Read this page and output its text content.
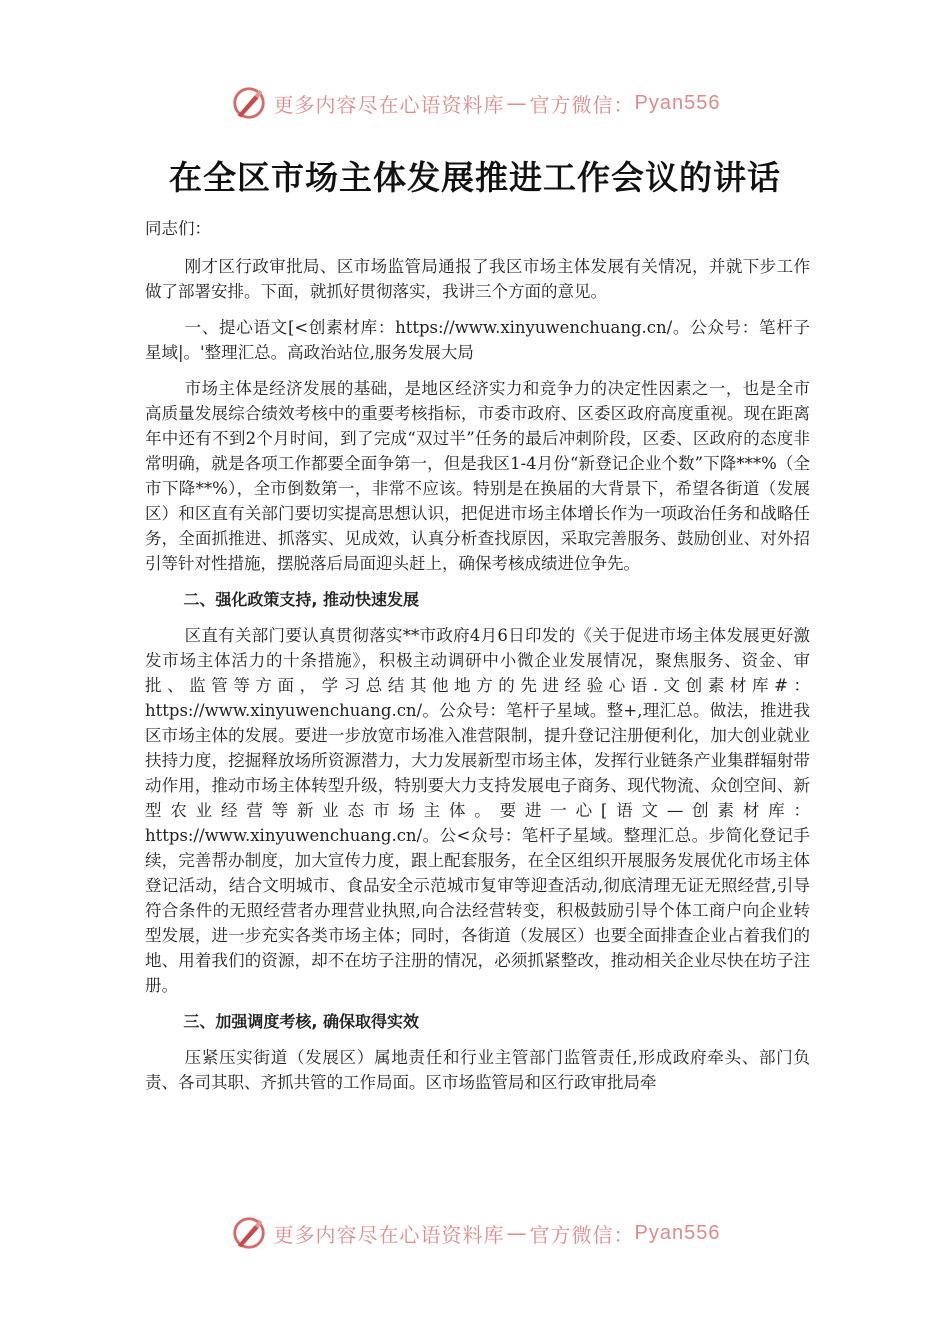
更多内容尽在心语资料库 — 官方微信： Pyan556
在全区市场主体发展推进工作会议的讲话

同志们：

刚才区行政审批局、区市场监管局通报了我区市场主体发展有关情况，并就下步工作做了部署安排。下面，就抓好贯彻落实，我讲三个方面的意见。

一、提心语文[<创素材库：https://www.xinyuwenchuang.cn/。公众号：笔杆子星域|。'整理汇总。高政治站位,服务发展大局

市场主体是经济发展的基础，是地区经济实力和竞争力的决定性因素之一，也是全市高质量发展综合绩效考核中的重要考核指标，市委市政府、区委区政府高度重视。现在距离年中还有不到2个月时间，到了完成“双过半”任务的最后冲刺阶段，区委、区政府的态度非常明确，就是各项工作都要全面争第一，但是我区1-4月份“新登记企业个数”下降***%（全市下降**%），全市倒数第一，非常不应该。特别是在换届的大背景下，希望各街道（发展区）和区直有关部门要切实提高思想认识，把促进市场主体增长作为一项政治任务和战略任务，全面抓推进、抓落实、见成效，认真分析查找原因，采取完善服务、鼓励创业、对外招引等针对性措施，摆脱落后局面迎头赶上，确保考核成绩进位争先。

二、强化政策支持, 推动快速发展

区直有关部门要认真贯彻落实**市政府4月6日印发的《关于促进市场主体发展更好激发市场主体活力的十条措施》，积极主动调研中小微企业发展情况，聚焦服务、资金、审批、监管等方面，学习总结其他地方的先进经验心语.文创素材库#：https://www.xinyuwenchuang.cn/。公众号：笔杆子星域。整+,理汇总。做法，推进我区市场主体的发展。要进一步放宽市场准入准营限制，提升登记注册便利化，加大创业就业扶持力度，挖掘释放场所资源潜力，大力发展新型市场主体，发挥行业链条产业集群辐射带动作用，推动市场主体转型升级，特别要大力支持发展电子商务、现代物流、众创空间、新型农业经营等新业态市场主体。要进一心[语文—创素材库：https://www.xinyuwenchuang.cn/。公<众号：笔杆子星域。整理汇总。步简化登记手续，完善帮办制度，加大宣传力度，跟上配套服务，在全区组织开展服务发展优化市场主体登记活动，结合文明城市、食品安全示范城市复审等迎查活动,彻底清理无证无照经营,引导符合条件的无照经营者办理营业执照,向合法经营转变，积极鼓励引导个体工商户向企业转型发展，进一步充实各类市场主体；同时，各街道（发展区）也要全面排查企业占着我们的地、用着我们的资源，却不在坊子注册的情况，必须抓紧整改，推动相关企业尽快在坊子注册。

三、加强调度考核, 确保取得实效

压紧压实街道（发展区）属地责任和行业主管部门监管责任,形成政府牵头、部门负责、各司其职、齐抓共管的工作局面。区市场监管局和区行政审批局牵

更多内容尽在心语资料库 — 官方微信： Pyan556
